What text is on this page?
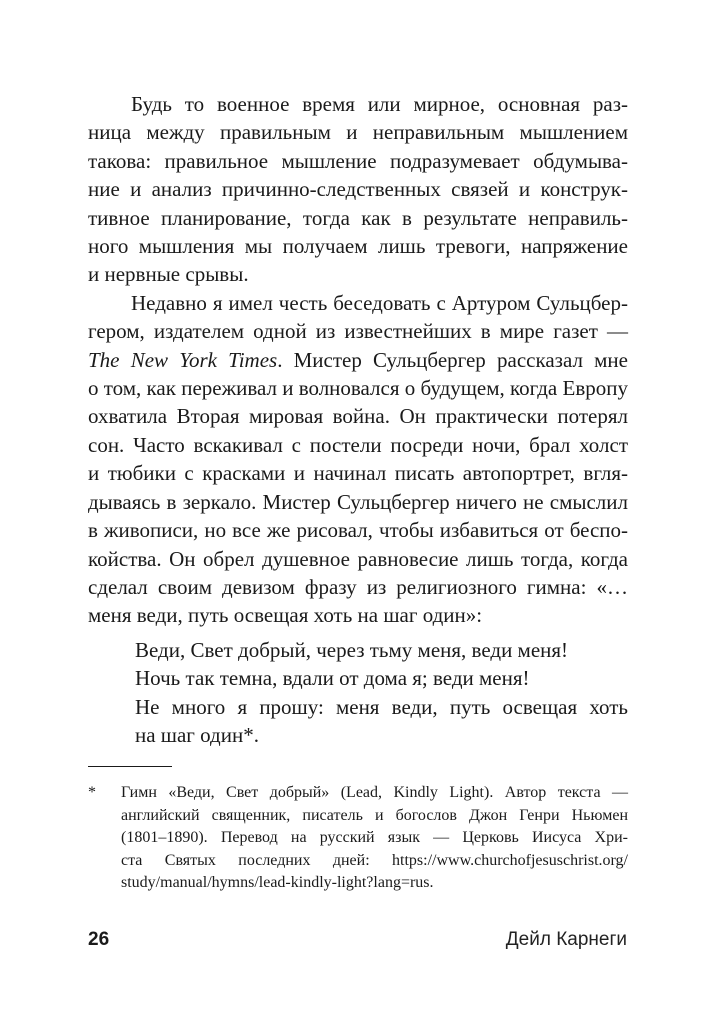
Будь то военное время или мирное, основная раз-
ница между правильным и неправильным мышлением
такова: правильное мышление подразумевает обдумыва-
ние и анализ причинно-следственных связей и конструк-
тивное планирование, тогда как в результате неправиль-
ного мышления мы получаем лишь тревоги, напряжение
и нервные срывы.
Недавно я имел честь беседовать с Артуром Сульцбер-
гером, издателем одной из известнейших в мире газет —
The New York Times. Мистер Сульцбергер рассказал мне
о том, как переживал и волновался о будущем, когда Европу
охватила Вторая мировая война. Он практически потерял
сон. Часто вскакивал с постели посреди ночи, брал холст
и тюбики с красками и начинал писать автопортрет, вгля-
дываясь в зеркало. Мистер Сульцбергер ничего не смыслил
в живописи, но все же рисовал, чтобы избавиться от беспо-
койства. Он обрел душевное равновесие лишь тогда, когда
сделал своим девизом фразу из религиозного гимна: «…
меня веди, путь освещая хоть на шаг один»:
Веди, Свет добрый, через тьму меня, веди меня!
Ночь так темна, вдали от дома я; веди меня!
Не много я прошу: меня веди, путь освещая хоть
на шаг один*.
* Гимн «Веди, Свет добрый» (Lead, Kindly Light). Автор текста —
английский священник, писатель и богослов Джон Генри Ньюмен
(1801–1890). Перевод на русский язык — Церковь Иисуса Хри-
ста Святых последних дней: https://www.churchofjesuschrist.org/
study/manual/hymns/lead-kindly-light?lang=rus.
26	Дейл Карнеги
